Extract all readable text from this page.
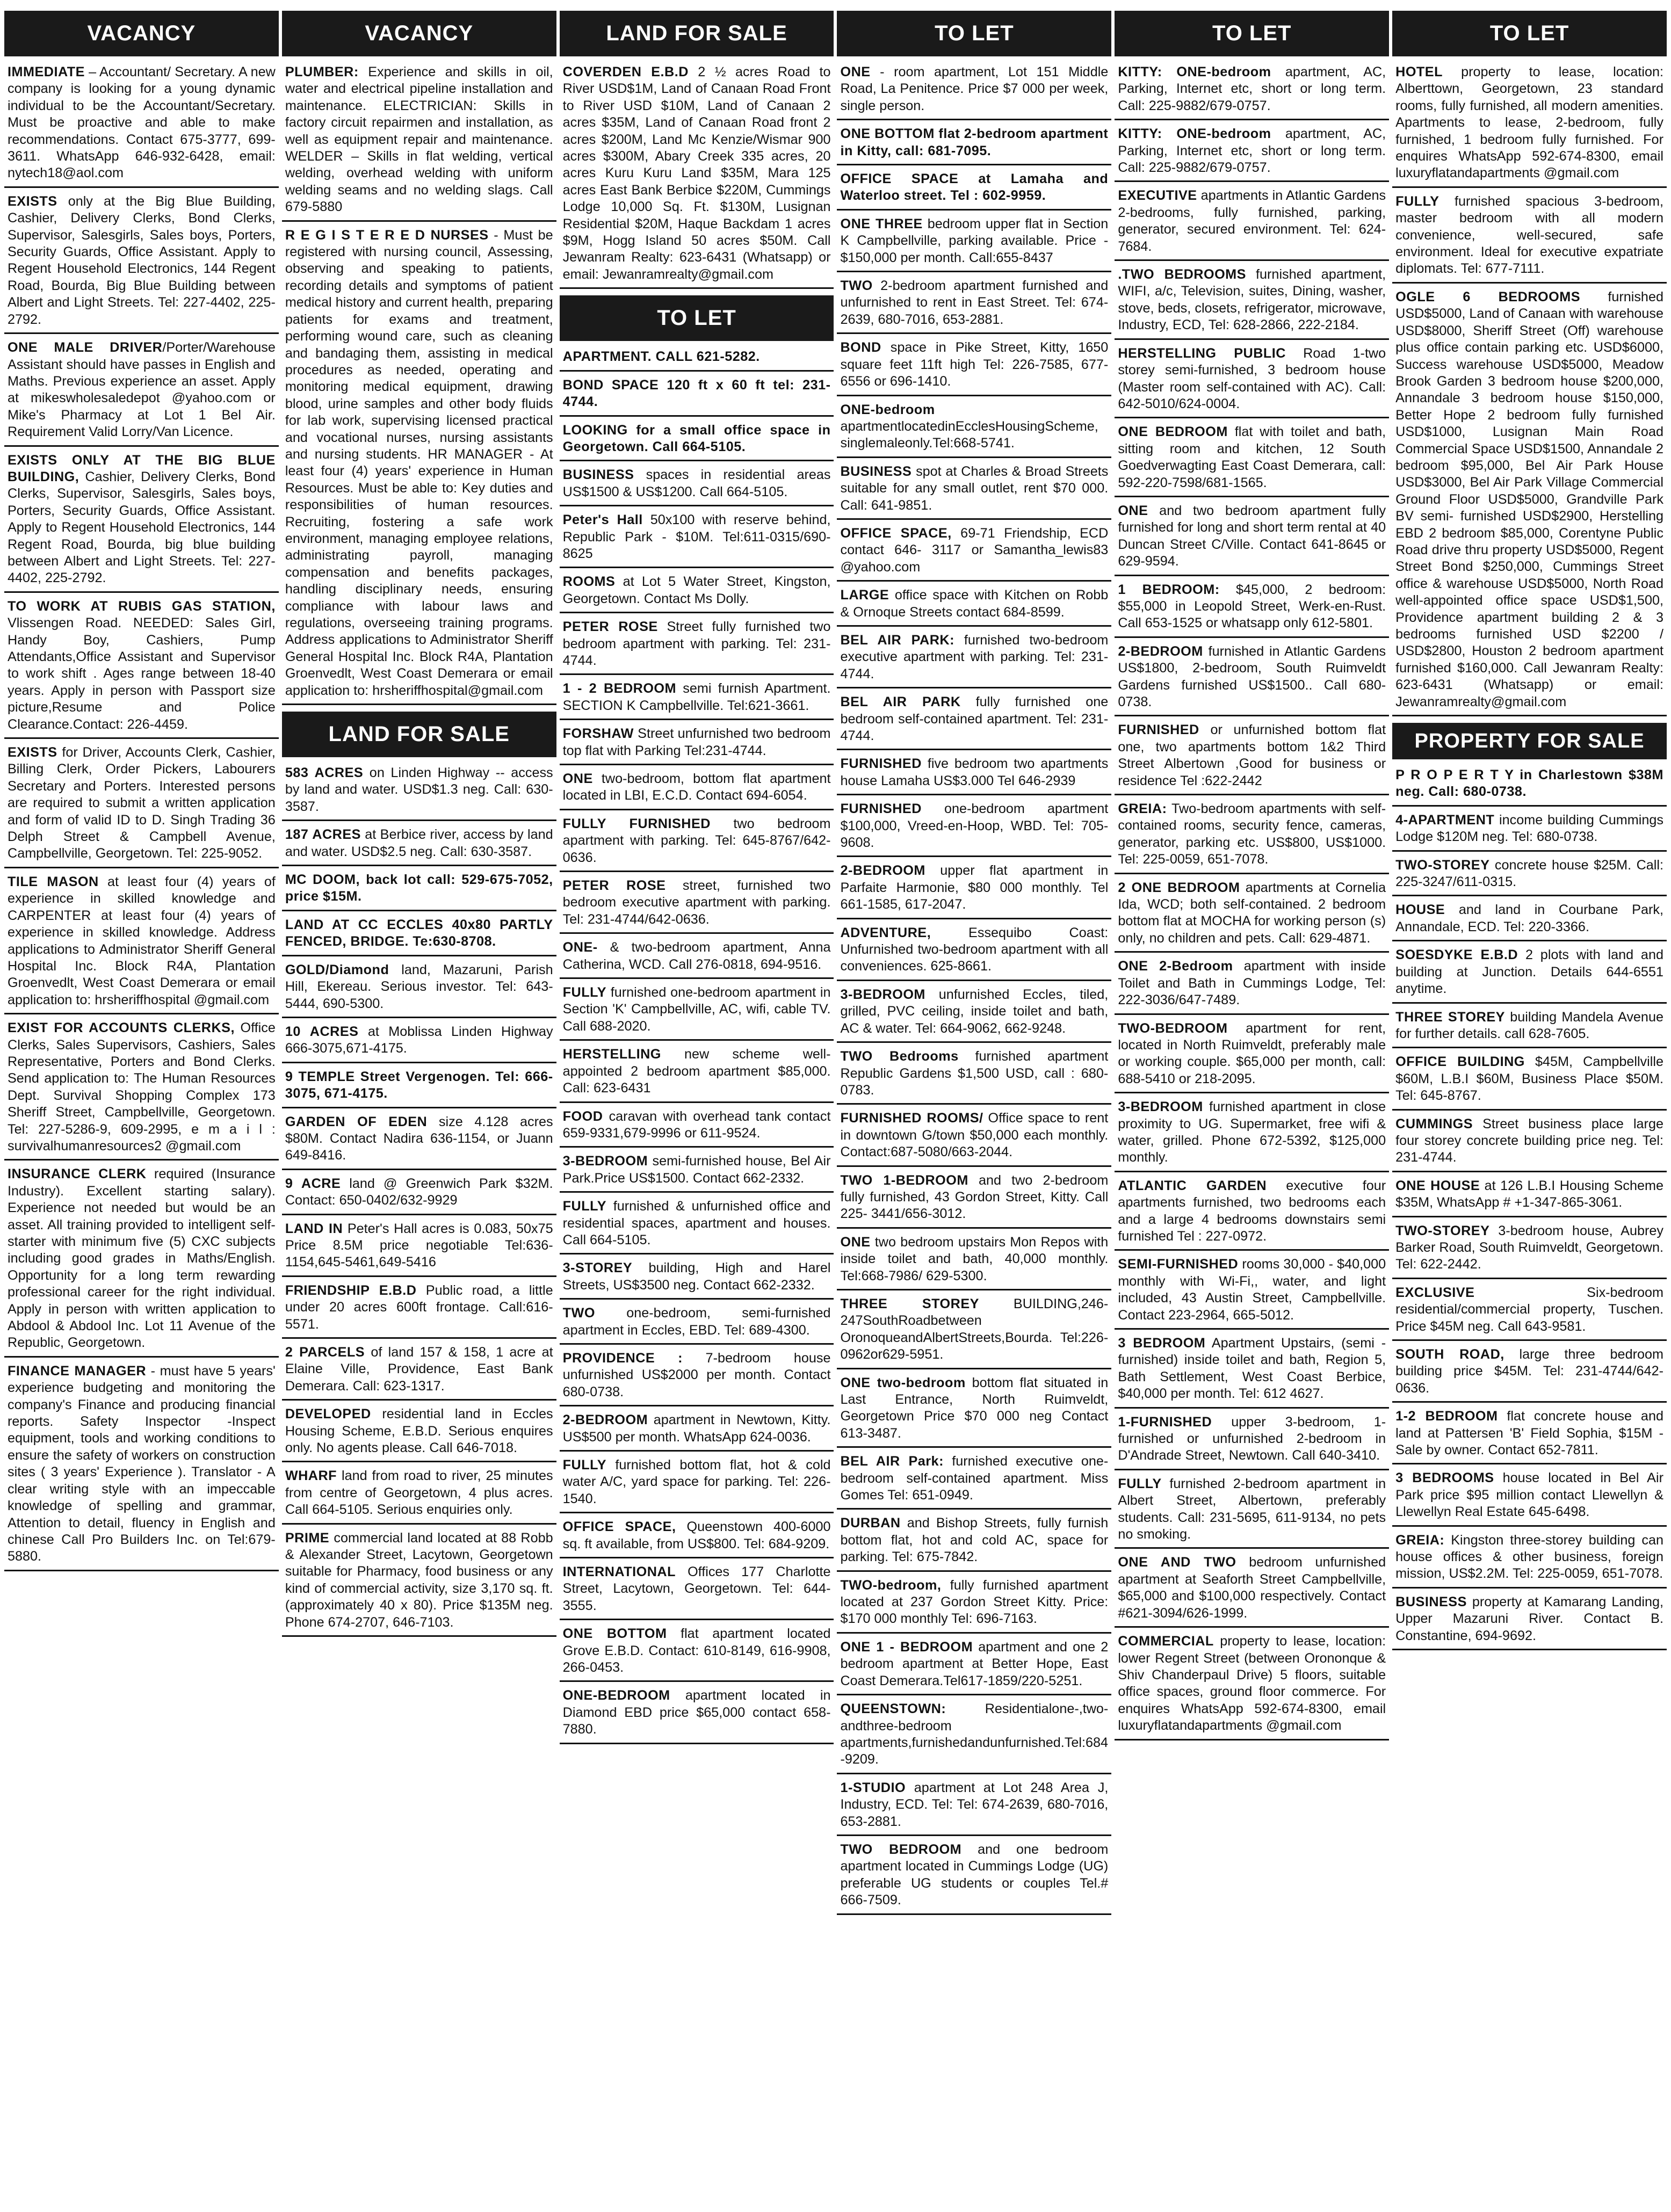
VACANCY
IMMEDIATE – Accountant/ Secretary. A new company is looking for a young dynamic individual to be the Accountant/Secretary. Must be proactive and able to make recommendations. Contact 675-3777, 699-3611. WhatsApp 646-932-6428, email: nytech18@aol.com
EXISTS only at the Big Blue Building, Cashier, Delivery Clerks, Bond Clerks, Supervisor, Salesgirls, Sales boys, Porters, Security Guards, Office Assistant. Apply to Regent Household Electronics, 144 Regent Road, Bourda, Big Blue Building between Albert and Light Streets. Tel: 227-4402, 225-2792.
ONE MALE DRIVER/Porter/Warehouse Assistant should have passes in English and Maths. Previous experience an asset. Apply at mikeswholesaledepot @yahoo.com or Mike's Pharmacy at Lot 1 Bel Air. Requirement Valid Lorry/Van Licence.
EXISTS ONLY AT THE BIG BLUE BUILDING, Cashier, Delivery Clerks, Bond Clerks, Supervisor, Salesgirls, Sales boys, Porters, Security Guards, Office Assistant. Apply to Regent Household Electronics, 144 Regent Road, Bourda, big blue building between Albert and Light Streets. Tel: 227-4402, 225-2792.
TO WORK AT RUBIS GAS STATION, Vlissengen Road. NEEDED: Sales Girl, Handy Boy, Cashiers, Pump Attendants,Office Assistant and Supervisor to work shift . Ages range between 18-40 years. Apply in person with Passport size picture,Resume and Police Clearance.Contact: 226-4459.
EXISTS for Driver, Accounts Clerk, Cashier, Billing Clerk, Order Pickers, Labourers Secretary and Porters. Interested persons are required to submit a written application and form of valid ID to D. Singh Trading 36 Delph Street & Campbell Avenue, Campbellville, Georgetown. Tel: 225-9052.
TILE MASON at least four (4) years of experience in skilled knowledge and CARPENTER at least four (4) years of experience in skilled knowledge. Address applications to Administrator Sheriff General Hospital Inc. Block R4A, Plantation Groenvedlt, West Coast Demerara or email application to: hrsheriffhospital @gmail.com
EXIST FOR ACCOUNTS CLERKS, Office Clerks, Sales Supervisors, Cashiers, Sales Representative, Porters and Bond Clerks. Send application to: The Human Resources Dept. Survival Shopping Complex 173 Sheriff Street, Campbellville, Georgetown. Tel: 227-5286-9, 609-2995, e m a i l : survivalhumanresources2 @gmail.com
INSURANCE CLERK required (Insurance Industry). Excellent starting salary). Experience not needed but would be an asset. All training provided to intelligent self-starter with minimum five (5) CXC subjects including good grades in Maths/English. Opportunity for a long term rewarding professional career for the right individual. Apply in person with written application to Abdool & Abdool Inc. Lot 11 Avenue of the Republic, Georgetown.
FINANCE MANAGER - must have 5 years' experience budgeting and monitoring the company's Finance and producing financial reports. Safety Inspector -Inspect equipment, tools and working conditions to ensure the safety of workers on construction sites ( 3 years' Experience ). Translator - A clear writing style with an impeccable knowledge of spelling and grammar, Attention to detail, fluency in English and chinese Call Pro Builders Inc. on Tel:679-5880.
VACANCY
PLUMBER: Experience and skills in oil, water and electrical pipeline installation and maintenance. ELECTRICIAN: Skills in factory circuit repairmen and installation, as well as equipment repair and maintenance. WELDER – Skills in flat welding, vertical welding, overhead welding with uniform welding seams and no welding slags. Call 679-5880
R E G I S T E R E D NURSES - Must be registered with nursing council, Assessing, observing and speaking to patients, recording details and symptoms of patient medical history and current health, preparing patients for exams and treatment, performing wound care, such as cleaning and bandaging them, assisting in medical procedures as needed, operating and monitoring medical equipment, drawing blood, urine samples and other body fluids for lab work, supervising licensed practical and vocational nurses, nursing assistants and nursing students. HR MANAGER - At least four (4) years' experience in Human Resources. Must be able to: Key duties and responsibilities of human resources. Recruiting, fostering a safe work environment, managing employee relations, administrating payroll, managing compensation and benefits packages, handling disciplinary needs, ensuring compliance with labour laws and regulations, overseeing training programs. Address applications to Administrator Sheriff General Hospital Inc. Block R4A, Plantation Groenvedlt, West Coast Demerara or email application to: hrsheriffhospital@gmail.com
LAND FOR SALE
583 ACRES on Linden Highway -- access by land and water. USD$1.3 neg. Call: 630-3587.
187 ACRES at Berbice river, access by land and water. USD$2.5 neg. Call: 630-3587.
MC DOOM, back lot call: 529-675-7052, price $15M.
LAND AT CC ECCLES 40x80 PARTLY FENCED, BRIDGE. Te:630-8708.
GOLD/Diamond land, Mazaruni, Parish Hill, Ekereau. Serious investor. Tel: 643-5444, 690-5300.
10 ACRES at Moblissa Linden Highway 666-3075,671-4175.
9 TEMPLE Street Vergenogen. Tel: 666-3075, 671-4175.
GARDEN OF EDEN size 4.128 acres $80M. Contact Nadira 636-1154, or Juann 649-8416.
9 ACRE land @ Greenwich Park $32M. Contact: 650-0402/632-9929
LAND IN Peter's Hall acres is 0.083, 50x75 Price 8.5M price negotiable Tel:636-1154,645-5461,649-5416
FRIENDSHIP E.B.D Public road, a little under 20 acres 600ft frontage. Call:616-5571.
2 PARCELS of land 157 & 158, 1 acre at Elaine Ville, Providence, East Bank Demerara. Call: 623-1317.
DEVELOPED residential land in Eccles Housing Scheme, E.B.D. Serious enquires only. No agents please. Call 646-7018.
WHARF land from road to river, 25 minutes from centre of Georgetown, 4 plus acres. Call 664-5105. Serious enquiries only.
PRIME commercial land located at 88 Robb & Alexander Street, Lacytown, Georgetown suitable for Pharmacy, food business or any kind of commercial activity, size 3,170 sq. ft. (approximately 40 x 80). Price $135M neg. Phone 674-2707, 646-7103.
LAND FOR SALE
COVERDEN E.B.D 2 ½ acres Road to River USD$1M, Land of Canaan Road Front to River USD $10M, Land of Canaan 2 acres $35M, Land of Canaan Road front 2 acres $200M, Land Mc Kenzie/Wismar 900 acres $300M, Abary Creek 335 acres, 20 acres Kuru Kuru Land $35M, Mara 125 acres East Bank Berbice $220M, Cummings Lodge 10,000 Sq. Ft. $130M, Lusignan Residential $20M, Haque Backdam 1 acres $9M, Hogg Island 50 acres $50M. Call Jewanram Realty: 623-6431 (Whatsapp) or email: Jewanramrealty@gmail.com
TO LET
APARTMENT. CALL 621-5282.
BOND SPACE 120 ft x 60 ft tel: 231-4744.
LOOKING for a small office space in Georgetown. Call 664-5105.
BUSINESS spaces in residential areas US$1500 & US$1200. Call 664-5105.
Peter's Hall 50x100 with reserve behind, Republic Park - $10M. Tel:611-0315/690-8625
ROOMS at Lot 5 Water Street, Kingston, Georgetown. Contact Ms Dolly.
PETER ROSE Street fully furnished two bedroom apartment with parking. Tel: 231-4744.
1 - 2 BEDROOM semi furnish Apartment. SECTION K Campbellville. Tel:621-3661.
FORSHAW Street unfurnished two bedroom top flat with Parking Tel:231-4744.
ONE two-bedroom, bottom flat apartment located in LBI, E.C.D. Contact 694-6054.
FULLY FURNISHED two bedroom apartment with parking. Tel: 645-8767/642-0636.
PETER ROSE street, furnished two bedroom executive apartment with parking. Tel: 231-4744/642-0636.
ONE- & two-bedroom apartment, Anna Catherina, WCD. Call 276-0818, 694-9516.
FULLY furnished one-bedroom apartment in Section 'K' Campbellville, AC, wifi, cable TV. Call 688-2020.
HERSTELLING new scheme well-appointed 2 bedroom apartment $85,000. Call: 623-6431
FOOD caravan with overhead tank contact 659-9331,679-9996 or 611-9524.
3-BEDROOM semi-furnished house, Bel Air Park.Price US$1500. Contact 662-2332.
FULLY furnished & unfurnished office and residential spaces, apartment and houses. Call 664-5105.
3-STOREY building, High and Harel Streets, US$3500 neg. Contact 662-2332.
TWO one-bedroom, semi-furnished apartment in Eccles, EBD. Tel: 689-4300.
PROVIDENCE : 7-bedroom house unfurnished US$2000 per month. Contact 680-0738.
2-BEDROOM apartment in Newtown, Kitty. US$500 per month. WhatsApp 624-0036.
FULLY furnished bottom flat, hot & cold water A/C, yard space for parking. Tel: 226-1540.
OFFICE SPACE, Queenstown 400-6000 sq. ft available, from US$800. Tel: 684-9209.
INTERNATIONAL Offices 177 Charlotte Street, Lacytown, Georgetown. Tel: 644-3555.
ONE BOTTOM flat apartment located Grove E.B.D. Contact: 610-8149, 616-9908, 266-0453.
ONE-BEDROOM apartment located in Diamond EBD price $65,000 contact 658-7880.
TO LET
ONE - room apartment, Lot 151 Middle Road, La Penitence. Price $7 000 per week, single person.
ONE BOTTOM flat 2-bedroom apartment in Kitty, call: 681-7095.
OFFICE SPACE at Lamaha and Waterloo street. Tel : 602-9959.
ONE THREE bedroom upper flat in Section K Campbellville, parking available. Price - $150,000 per month. Call:655-8437
TWO 2-bedroom apartment furnished and unfurnished to rent in East Street. Tel: 674-2639, 680-7016, 653-2881.
BOND space in Pike Street, Kitty, 1650 square feet 11ft high Tel: 226-7585, 677-6556 or 696-1410.
ONE-bedroom apartmentlocatedinEcclesHousingScheme, singlemaleonly.Tel:668-5741.
BUSINESS spot at Charles & Broad Streets suitable for any small outlet, rent $70 000. Call: 641-9851.
OFFICE SPACE, 69-71 Friendship, ECD contact 646- 3117 or Samantha_lewis83 @yahoo.com
LARGE office space with Kitchen on Robb & Ornoque Streets contact 684-8599.
BEL AIR PARK: furnished two-bedroom executive apartment with parking. Tel: 231-4744.
BEL AIR PARK fully furnished one bedroom self-contained apartment. Tel: 231-4744.
FURNISHED five bedroom two apartments house Lamaha US$3.000 Tel 646-2939
FURNISHED one-bedroom apartment $100,000, Vreed-en-Hoop, WBD. Tel: 705-9608.
2-BEDROOM upper flat apartment in Parfaite Harmonie, $80 000 monthly. Tel 661-1585, 617-2047.
ADVENTURE, Essequibo Coast: Unfurnished two-bedroom apartment with all conveniences. 625-8661.
3-BEDROOM unfurnished Eccles, tiled, grilled, PVC ceiling, inside toilet and bath, AC & water. Tel: 664-9062, 662-9248.
TWO Bedrooms furnished apartment Republic Gardens $1,500 USD, call : 680-0783.
FURNISHED ROOMS/ Office space to rent in downtown G/town $50,000 each monthly. Contact:687-5080/663-2044.
TWO 1-BEDROOM and two 2-bedroom fully furnished, 43 Gordon Street, Kitty. Call 225- 3441/656-3012.
ONE two bedroom upstairs Mon Repos with inside toilet and bath, 40,000 monthly. Tel:668-7986/ 629-5300.
THREE STOREY BUILDING,246-247SouthRoadbetween OronoqueandAlbertStreets,Bourda. Tel:226-0962or629-5951.
ONE two-bedroom bottom flat situated in Last Entrance, North Ruimveldt, Georgetown Price $70 000 neg Contact 613-3487.
BEL AIR Park: furnished executive one-bedroom self-contained apartment. Miss Gomes Tel: 651-0949.
DURBAN and Bishop Streets, fully furnish bottom flat, hot and cold AC, space for parking. Tel: 675-7842.
TWO-bedroom, fully furnished apartment located at 237 Gordon Street Kitty. Price: $170 000 monthly Tel: 696-7163.
ONE 1 - BEDROOM apartment and one 2 bedroom apartment at Better Hope, East Coast Demerara.Tel617-1859/220-5251.
QUEENSTOWN: Residentialone-,two-andthree-bedroom apartments,furnishedandunfurnished.Tel:684-9209.
1-STUDIO apartment at Lot 248 Area J, Industry, ECD. Tel: Tel: 674-2639, 680-7016, 653-2881.
TWO BEDROOM and one bedroom apartment located in Cummings Lodge (UG) preferable UG students or couples Tel.# 666-7509.
TO LET
KITTY: ONE-bedroom apartment, AC, Parking, Internet etc, short or long term. Call: 225-9882/679-0757.
KITTY: ONE-bedroom apartment, AC, Parking, Internet etc, short or long term. Call: 225-9882/679-0757.
EXECUTIVE apartments in Atlantic Gardens 2-bedrooms, fully furnished, parking, generator, secured environment. Tel: 624-7684.
.TWO BEDROOMS furnished apartment, WIFI, a/c, Television, suites, Dining, washer, stove, beds, closets, refrigerator, microwave, Industry, ECD, Tel: 628-2866, 222-2184.
HERSTELLING PUBLIC Road 1-two storey semi-furnished, 3 bedroom house (Master room self-contained with AC). Call: 642-5010/624-0004.
ONE BEDROOM flat with toilet and bath, sitting room and kitchen, 12 South Goedverwagting East Coast Demerara, call: 592-220-7598/681-1565.
ONE and two bedroom apartment fully furnished for long and short term rental at 40 Duncan Street C/Ville. Contact 641-8645 or 629-9594.
1 BEDROOM: $45,000, 2 bedroom: $55,000 in Leopold Street, Werk-en-Rust. Call 653-1525 or whatsapp only 612-5801.
2-BEDROOM furnished in Atlantic Gardens US$1800, 2-bedroom, South Ruimveldt Gardens furnished US$1500.. Call 680-0738.
FURNISHED or unfurnished bottom flat one, two apartments bottom 1&2 Third Street Albertown ,Good for business or residence Tel :622-2442
GREIA: Two-bedroom apartments with self-contained rooms, security fence, cameras, generator, parking etc. US$800, US$1000. Tel: 225-0059, 651-7078.
2 ONE BEDROOM apartments at Cornelia Ida, WCD; both self-contained. 2 bedroom bottom flat at MOCHA for working person (s) only, no children and pets. Call: 629-4871.
ONE 2-Bedroom apartment with inside Toilet and Bath in Cummings Lodge, Tel: 222-3036/647-7489.
TWO-BEDROOM apartment for rent, located in North Ruimveldt, preferably male or working couple. $65,000 per month, call: 688-5410 or 218-2095.
3-BEDROOM furnished apartment in close proximity to UG. Supermarket, free wifi & water, grilled. Phone 672-5392, $125,000 monthly.
ATLANTIC GARDEN executive four apartments furnished, two bedrooms each and a large 4 bedrooms downstairs semi furnished Tel : 227-0972.
SEMI-FURNISHED rooms 30,000 - $40,000 monthly with Wi-Fi,, water, and light included, 43 Austin Street, Campbellville. Contact 223-2964, 665-5012.
3 BEDROOM Apartment Upstairs, (semi - furnished) inside toilet and bath, Region 5, Bath Settlement, West Coast Berbice, $40,000 per month. Tel: 612 4627.
1-FURNISHED upper 3-bedroom, 1-furnished or unfurnished 2-bedroom in D'Andrade Street, Newtown. Call 640-3410.
FULLY furnished 2-bedroom apartment in Albert Street, Albertown, preferably students. Call: 231-5695, 611-9134, no pets no smoking.
ONE AND TWO bedroom unfurnished apartment at Seaforth Street Campbellville, $65,000 and $100,000 respectively. Contact #621-3094/626-1999.
COMMERCIAL property to lease, location: lower Regent Street (between Orononque & Shiv Chanderpaul Drive) 5 floors, suitable office spaces, ground floor commerce. For enquires WhatsApp 592-674-8300, email luxuryflatandapartments @gmail.com
TO LET
HOTEL property to lease, location: Alberttown, Georgetown, 23 standard rooms, fully furnished, all modern amenities. Apartments to lease, 2-bedroom, fully furnished, 1 bedroom fully furnished. For enquires WhatsApp 592-674-8300, email luxuryflatandapartments @gmail.com
FULLY furnished spacious 3-bedroom, master bedroom with all modern convenience, well-secured, safe environment. Ideal for executive expatriate diplomats. Tel: 677-7111.
OGLE 6 BEDROOMS furnished USD$5000, Land of Canaan with warehouse USD$8000, Sheriff Street (Off) warehouse plus office contain parking etc. USD$6000, Success warehouse USD$5000, Meadow Brook Garden 3 bedroom house $200,000, Annandale 3 bedroom house $150,000, Better Hope 2 bedroom fully furnished USD$1000, Lusignan Main Road Commercial Space USD$1500, Annandale 2 bedroom $95,000, Bel Air Park House USD$3000, Bel Air Park Village Commercial Ground Floor USD$5000, Grandville Park BV semi- furnished USD$2900, Herstelling EBD 2 bedroom $85,000, Corentyne Public Road drive thru property USD$5000, Regent Street Bond $250,000, Cummings Street office & warehouse USD$5000, North Road well-appointed office space USD$1,500, Providence apartment building 2 & 3 bedrooms furnished USD $2200 / USD$2800, Houston 2 bedroom apartment furnished $160,000. Call Jewanram Realty: 623-6431 (Whatsapp) or email: Jewanramrealty@gmail.com
PROPERTY FOR SALE
P R O P E R T Y in Charlestown $38M neg. Call: 680-0738.
4-APARTMENT income building Cummings Lodge $120M neg. Tel: 680-0738.
TWO-STOREY concrete house $25M. Call: 225-3247/611-0315.
HOUSE and land in Courbane Park, Annandale, ECD. Tel: 220-3366.
SOESDYKE E.B.D 2 plots with land and building at Junction. Details 644-6551 anytime.
THREE STOREY building Mandela Avenue for further details. call 628-7605.
OFFICE BUILDING $45M, Campbellville $60M, L.B.I $60M, Business Place $50M. Tel: 645-8767.
CUMMINGS Street business place large four storey concrete building price neg. Tel: 231-4744.
ONE HOUSE at 126 L.B.I Housing Scheme $35M, WhatsApp # +1-347-865-3061.
TWO-STOREY 3-bedroom house, Aubrey Barker Road, South Ruimveldt, Georgetown. Tel: 622-2442.
EXCLUSIVE Six-bedroom residential/commercial property, Tuschen. Price $45M neg. Call 643-9581.
SOUTH ROAD, large three bedroom building price $45M. Tel: 231-4744/642-0636.
1-2 BEDROOM flat concrete house and land at Pattersen 'B' Field Sophia, $15M - Sale by owner. Contact 652-7811.
3 BEDROOMS house located in Bel Air Park price $95 million contact Llewellyn & Llewellyn Real Estate 645-6498.
GREIA: Kingston three-storey building can house offices & other business, foreign mission, US$2.2M. Tel: 225-0059, 651-7078.
BUSINESS property at Kamarang Landing, Upper Mazaruni River. Contact B. Constantine, 694-9692.
